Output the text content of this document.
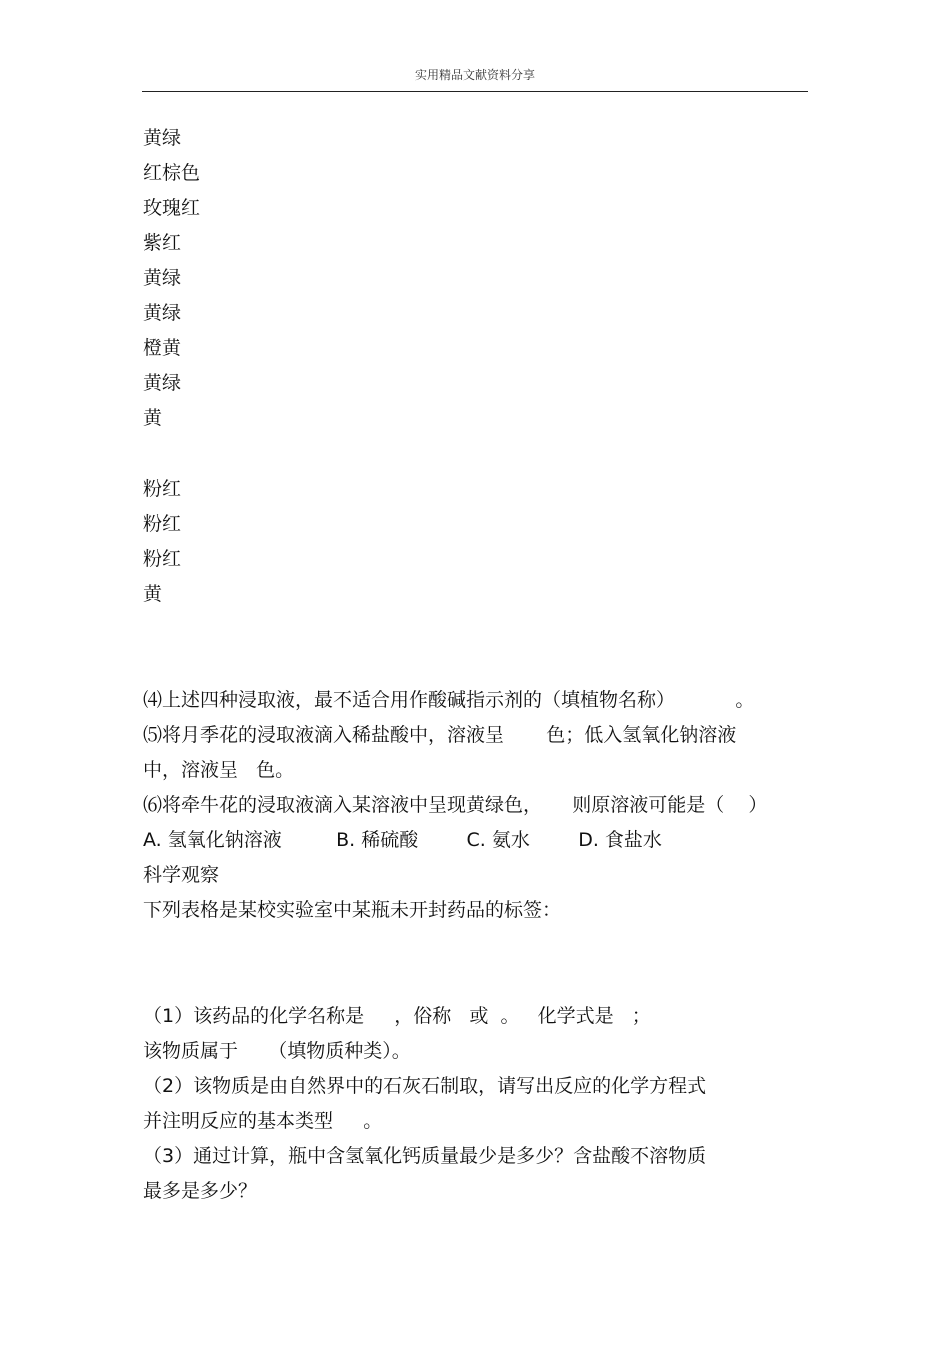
实用精品文献资料分享
黄绿
红棕色
玫瑰红
紫红
黄绿
黄绿
橙黄
黄绿
黄
粉红
粉红
粉红
黄
⑷上述四种浸取液，最不适合用作酸碱指示剂的（填植物名称）          。
⑸将月季花的浸取液滴入稀盐酸中，溶液呈       色；低入氢氧化钠溶液
中，溶液呈   色。
⑹将牵牛花的浸取液滴入某溶液中呈现黄绿色，     则原溶液可能是（    ）
A. 氢氧化钠溶液         B. 稀硫酸        C. 氨水        D. 食盐水
科学观察
下列表格是某校实验室中某瓶未开封药品的标签：
（1）该药品的化学名称是     ，俗称   或  。   化学式是   ；
该物质属于     （填物质种类）。
（2）该物质是由自然界中的石灰石制取，请写出反应的化学方程式
并注明反应的基本类型     。
（3）通过计算，瓶中含氢氧化钙质量最少是多少？含盐酸不溶物质
最多是多少？
